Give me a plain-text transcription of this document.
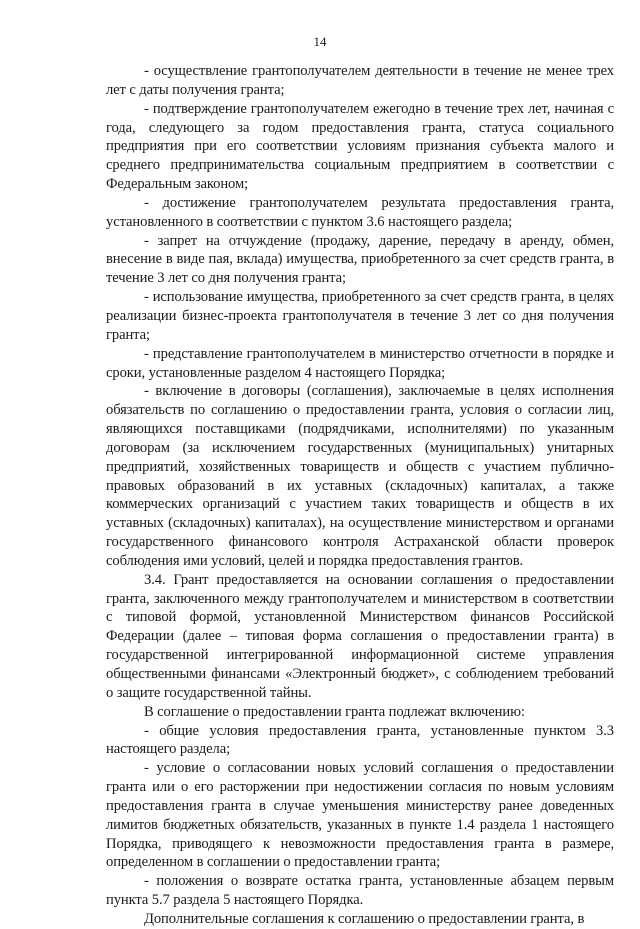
14

- осуществление грантополучателем деятельности в течение не менее трех лет с даты получения гранта;

- подтверждение грантополучателем ежегодно в течение трех лет, начиная с года, следующего за годом предоставления гранта, статуса социального предприятия при его соответствии условиям признания субъекта малого и среднего предпринимательства социальным предприятием в соответствии с Федеральным законом;

- достижение грантополучателем результата предоставления гранта, установленного в соответствии с пунктом 3.6 настоящего раздела;

- запрет на отчуждение (продажу, дарение, передачу в аренду, обмен, внесение в виде пая, вклада) имущества, приобретенного за счет средств гранта, в течение 3 лет со дня получения гранта;

- использование имущества, приобретенного за счет средств гранта, в целях реализации бизнес-проекта грантополучателя в течение 3 лет со дня получения гранта;

- представление грантополучателем в министерство отчетности в порядке и сроки, установленные разделом 4 настоящего Порядка;

- включение в договоры (соглашения), заключаемые в целях исполнения обязательств по соглашению о предоставлении гранта, условия о согласии лиц, являющихся поставщиками (подрядчиками, исполнителями) по указанным договорам (за исключением государственных (муниципальных) унитарных предприятий, хозяйственных товариществ и обществ с участием публично-правовых образований в их уставных (складочных) капиталах, а также коммерческих организаций с участием таких товариществ и обществ в их уставных (складочных) капиталах), на осуществление министерством и органами государственного финансового контроля Астраханской области проверок соблюдения ими условий, целей и порядка предоставления грантов.

3.4. Грант предоставляется на основании соглашения о предоставлении гранта, заключенного между грантополучателем и министерством в соответствии с типовой формой, установленной Министерством финансов Российской Федерации (далее – типовая форма соглашения о предоставлении гранта) в государственной интегрированной информационной системе управления общественными финансами «Электронный бюджет», с соблюдением требований о защите государственной тайны.

В соглашение о предоставлении гранта подлежат включению:

- общие условия предоставления гранта, установленные пунктом 3.3 настоящего раздела;

- условие о согласовании новых условий соглашения о предоставлении гранта или о его расторжении при недостижении согласия по новым условиям предоставления гранта в случае уменьшения министерству ранее доведенных лимитов бюджетных обязательств, указанных в пункте 1.4 раздела 1 настоящего Порядка, приводящего к невозможности предоставления гранта в размере, определенном в соглашении о предоставлении гранта;

- положения о возврате остатка гранта, установленные абзацем первым пункта 5.7 раздела 5 настоящего Порядка.

Дополнительные соглашения к соглашению о предоставлении гранта, в
